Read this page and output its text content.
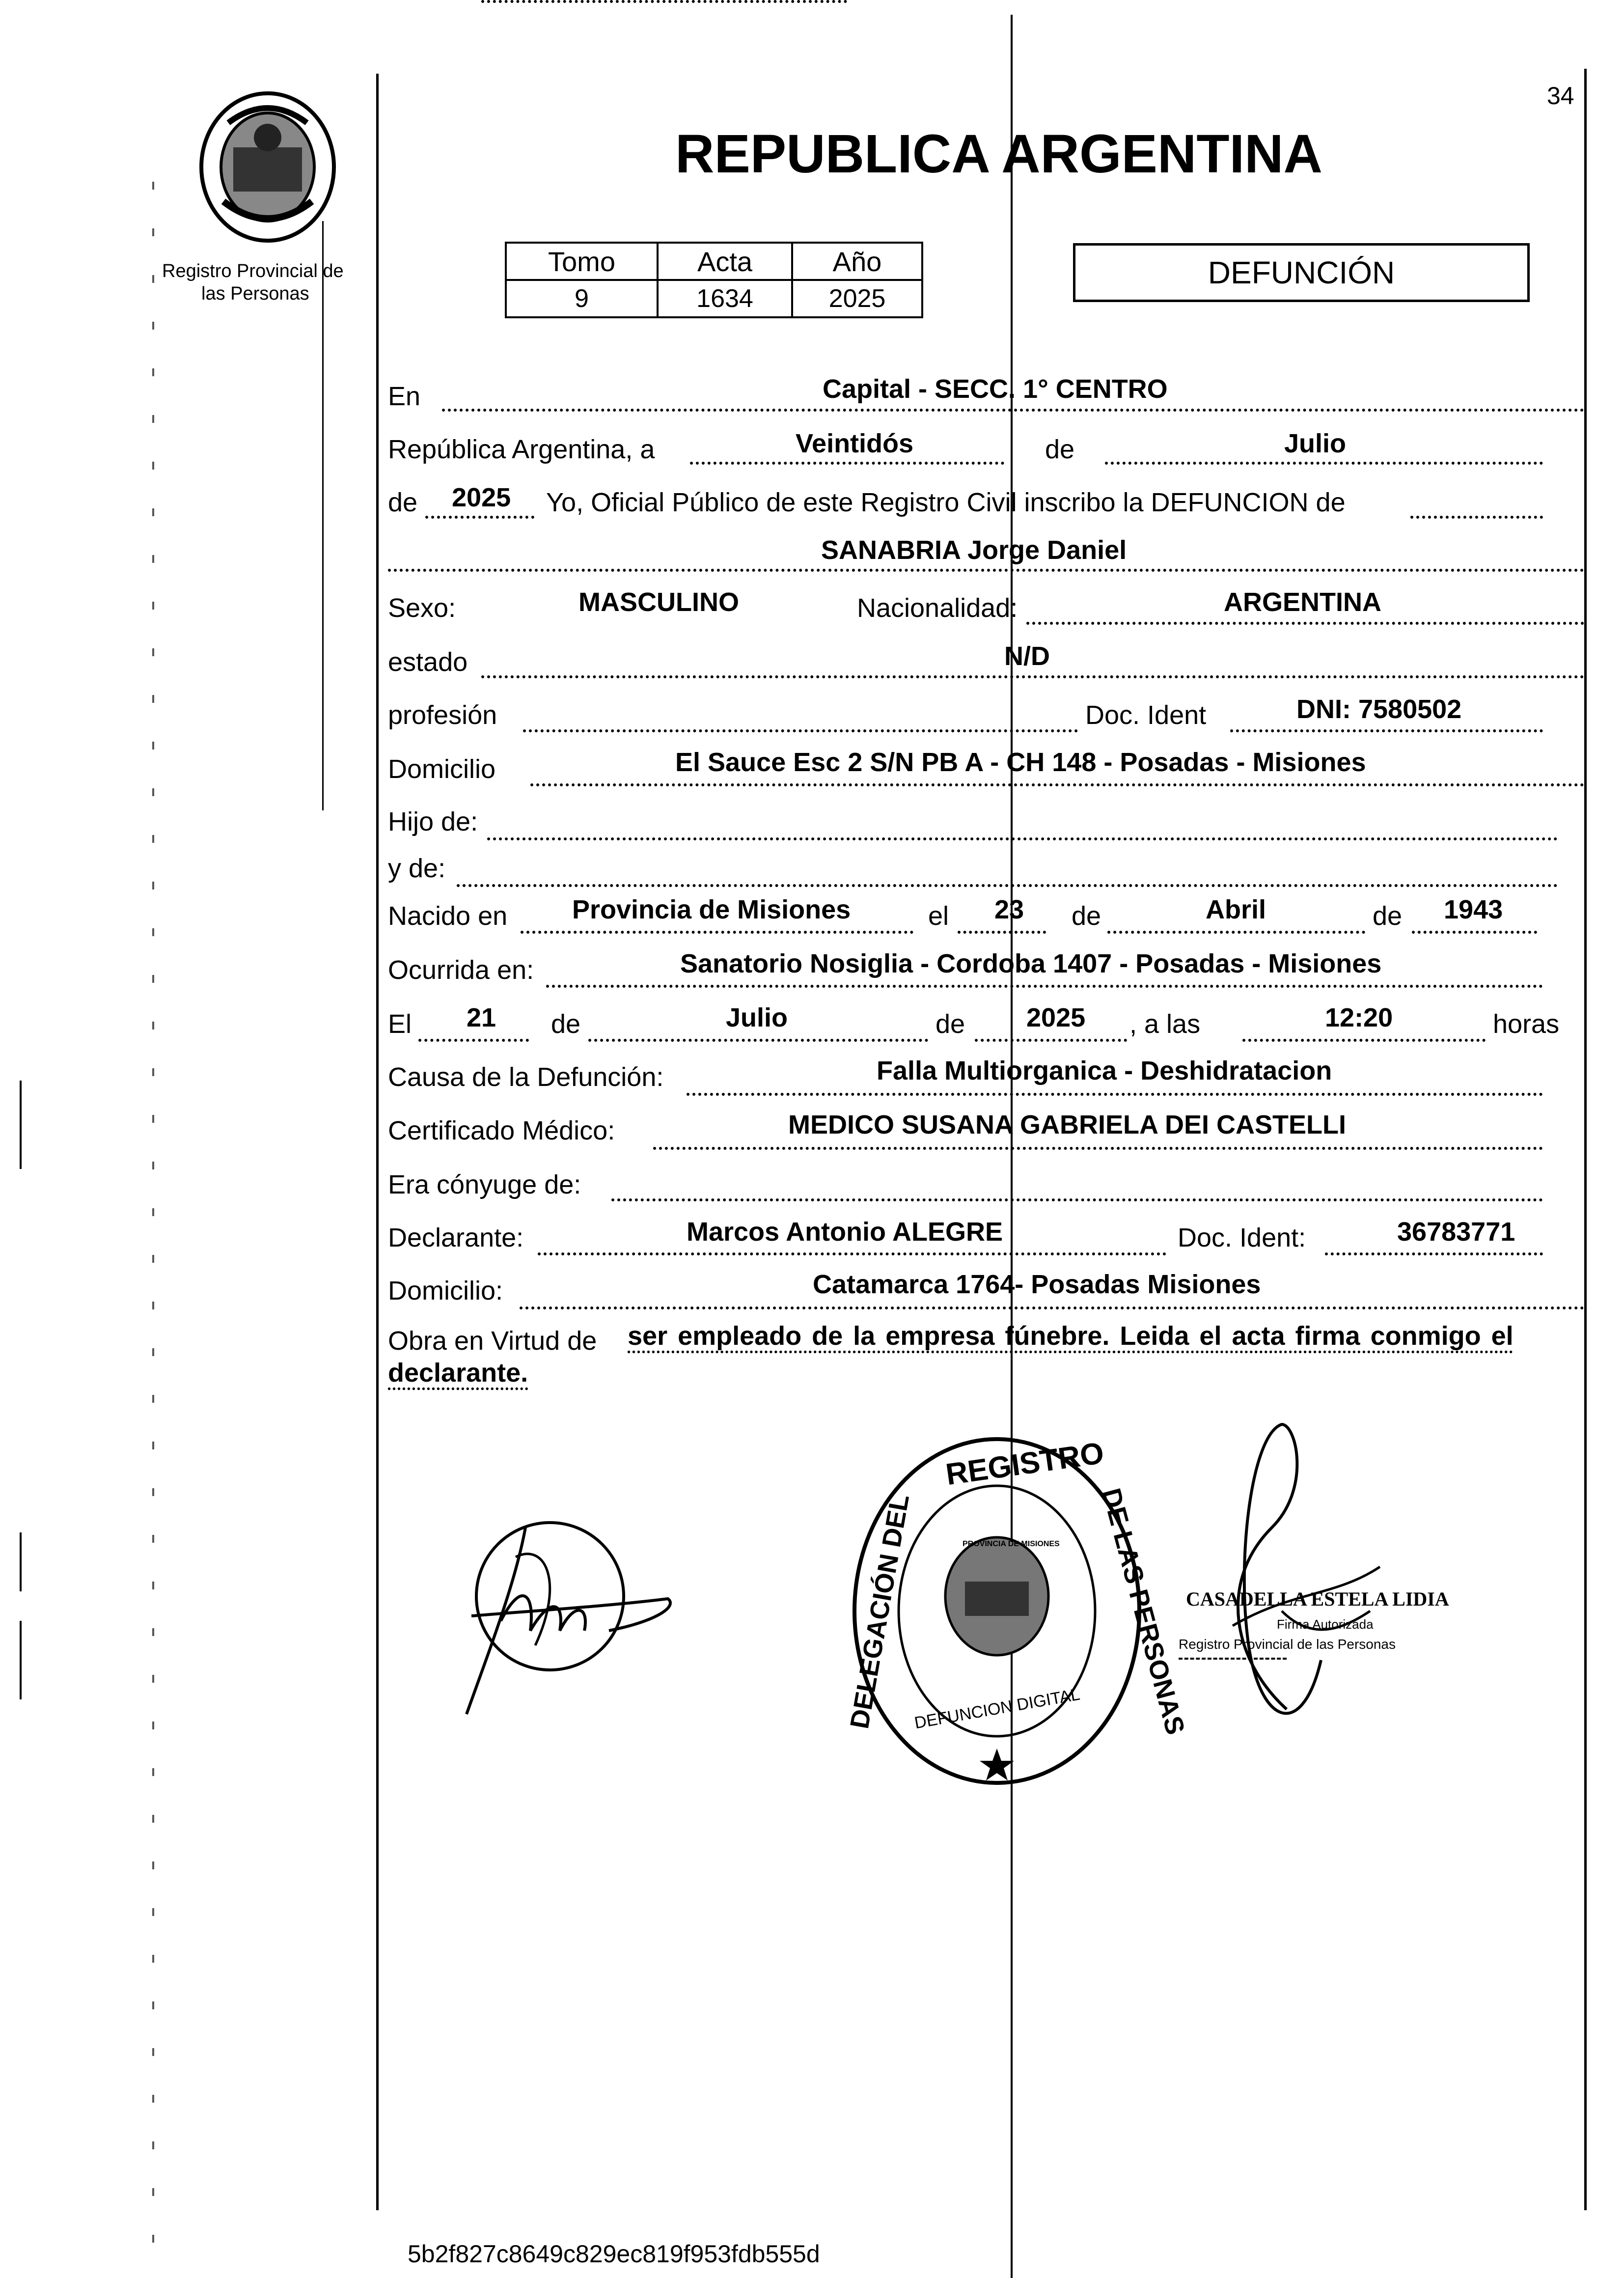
34
Registro Provincial de
las Personas
REPUBLICA ARGENTINA
Tomo	Acta	Año
9	1634	2025
DEFUNCIÓN
En	Capital - SECC. 1° CENTRO
República Argentina, a	Veintidós	de	Julio
de 2025 Yo, Oficial Público de este Registro Civil inscribo la DEFUNCION de
SANABRIA Jorge Daniel
Sexo:	MASCULINO	Nacionalidad:	ARGENTINA
estado	N/D
profesión	Doc. Ident	DNI: 7580502
Domicilio	El Sauce Esc 2 S/N PB A - CH 148 - Posadas - Misiones
Hijo de:
y de:
Nacido en Provincia de Misiones	el 23 de	Abril	de 1943
Ocurrida en:	Sanatorio Nosiglia - Cordoba 1407 - Posadas - Misiones
El 21 de	Julio	de 2025 , a las	12:20	horas
Causa de la Defunción:	Falla Multiorganica - Deshidratacion
Certificado Médico:	MEDICO SUSANA GABRIELA DEI CASTELLI
Era cónyuge de:
Declarante:	Marcos Antonio ALEGRE	Doc. Ident:	36783771
Domicilio:	Catamarca 1764- Posadas Misiones
Obra en Virtud de ser empleado de la empresa fúnebre. Leida el acta firma conmigo el
declarante.
REGISTRO
DELEGACIÓN DEL	DE LAS PERSONAS
DEFUNCION DIGITAL
PROVINCIA DE MISIONES
CASADELLA ESTELA LIDIA
Firma Autorizada
Registro Provincial de las Personas
5b2f827c8649c829ec819f953fdb555d
